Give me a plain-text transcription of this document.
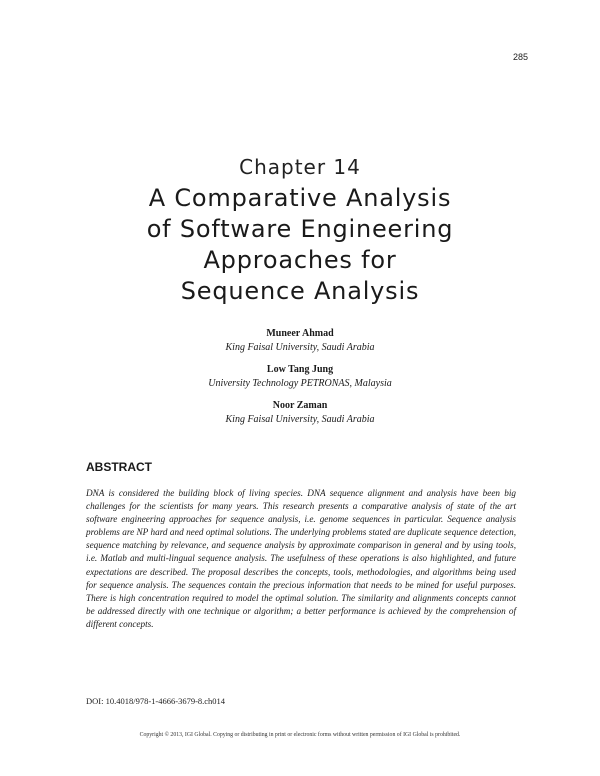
285
Chapter 14
A Comparative Analysis
of Software Engineering
Approaches for
Sequence Analysis
Muneer Ahmad
King Faisal University, Saudi Arabia
Low Tang Jung
University Technology PETRONAS, Malaysia
Noor Zaman
King Faisal University, Saudi Arabia
ABSTRACT

DNA is considered the building block of living species. DNA sequence alignment and analysis have been big challenges for the scientists for many years. This research presents a comparative analysis of state of the art software engineering approaches for sequence analysis, i.e. genome sequences in particular. Sequence analysis problems are NP hard and need optimal solutions. The underlying problems stated are duplicate sequence detection, sequence matching by relevance, and sequence analysis by approximate comparison in general and by using tools, i.e. Matlab and multi-lingual sequence analysis. The usefulness of these operations is also highlighted, and future expectations are described. The proposal describes the concepts, tools, methodologies, and algorithms being used for sequence analysis. The sequences contain the precious information that needs to be mined for useful purposes. There is high concentration required to model the optimal solution. The similarity and alignments concepts cannot be addressed directly with one technique or algorithm; a better performance is achieved by the comprehension of different concepts.

DOI: 10.4018/978-1-4666-3679-8.ch014
Copyright © 2013, IGI Global. Copying or distributing in print or electronic forms without written permission of IGI Global is prohibited.
